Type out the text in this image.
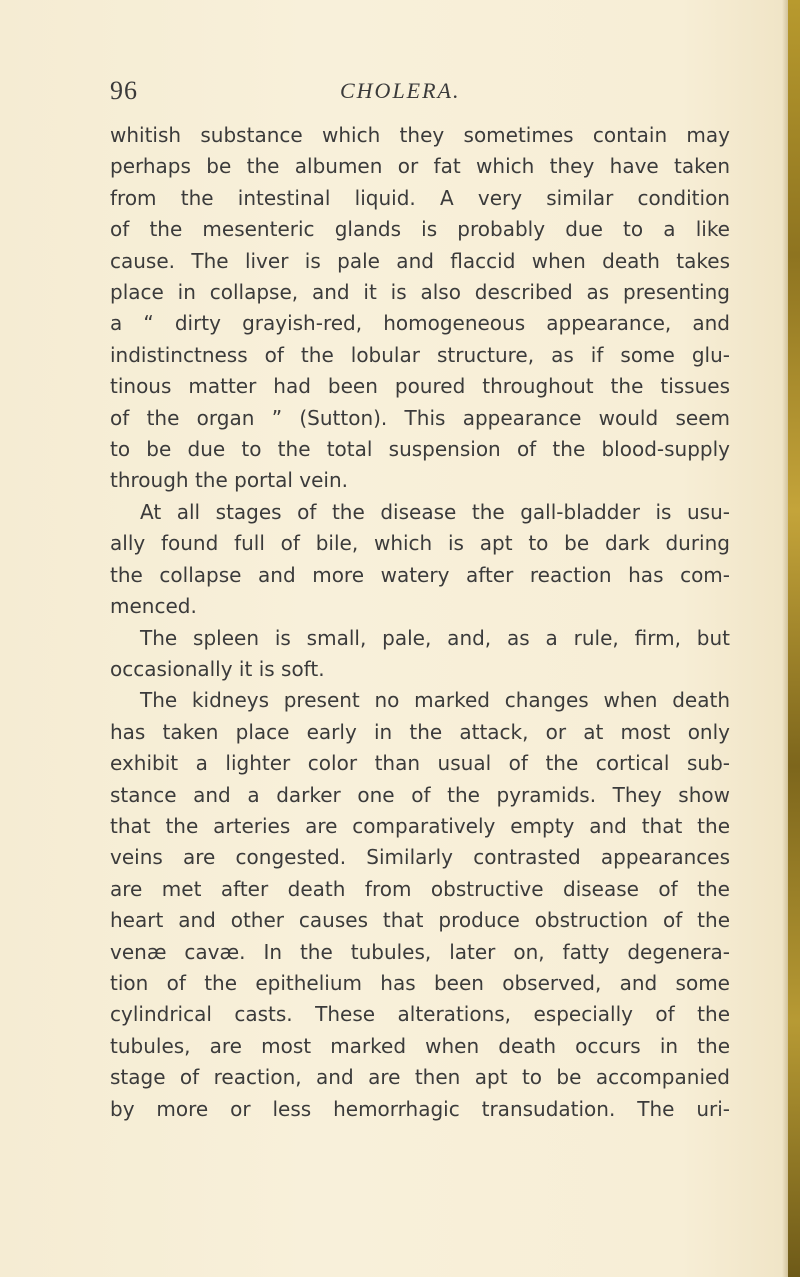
96	CHOLERA.
whitish substance which they sometimes contain may
perhaps be the albumen or fat which they have taken
from the intestinal liquid. A very similar condition
of the mesenteric glands is probably due to a like
cause. The liver is pale and flaccid when death takes
place in collapse, and it is also described as presenting
a “ dirty grayish-red, homogeneous appearance, and
indistinctness of the lobular structure, as if some glu-
tinous matter had been poured throughout the tissues
of the organ ” (Sutton). This appearance would seem
to be due to the total suspension of the blood-supply
through the portal vein.
At all stages of the disease the gall-bladder is usu-
ally found full of bile, which is apt to be dark during
the collapse and more watery after reaction has com-
menced.
The spleen is small, pale, and, as a rule, firm, but
occasionally it is soft.
The kidneys present no marked changes when death
has taken place early in the attack, or at most only
exhibit a lighter color than usual of the cortical sub-
stance and a darker one of the pyramids. They show
that the arteries are comparatively empty and that the
veins are congested. Similarly contrasted appearances
are met after death from obstructive disease of the
heart and other causes that produce obstruction of the
venæ cavæ. In the tubules, later on, fatty degenera-
tion of the epithelium has been observed, and some
cylindrical casts. These alterations, especially of the
tubules, are most marked when death occurs in the
stage of reaction, and are then apt to be accompanied
by more or less hemorrhagic transudation. The uri-
